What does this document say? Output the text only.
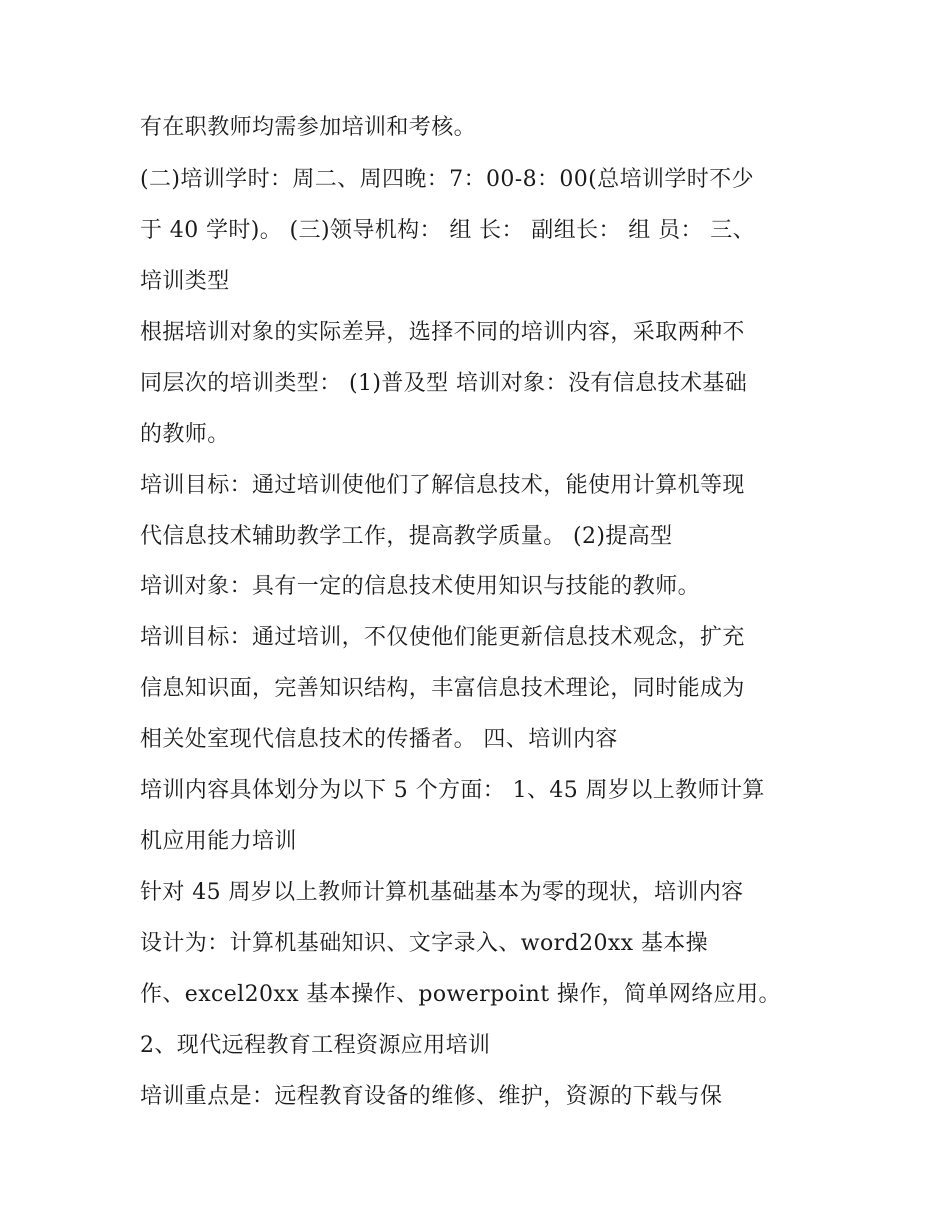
有在职教师均需参加培训和考核。
(二)培训学时：周二、周四晚：7：00-8：00(总培训学时不少
于 40 学时)。 (三)领导机构： 组 长： 副组长： 组 员： 三、
培训类型
根据培训对象的实际差异，选择不同的培训内容，采取两种不
同层次的培训类型： (1)普及型 培训对象：没有信息技术基础
的教师。
培训目标：通过培训使他们了解信息技术，能使用计算机等现
代信息技术辅助教学工作，提高教学质量。 (2)提高型
培训对象：具有一定的信息技术使用知识与技能的教师。
培训目标：通过培训，不仅使他们能更新信息技术观念，扩充
信息知识面，完善知识结构，丰富信息技术理论，同时能成为
相关处室现代信息技术的传播者。 四、培训内容
培训内容具体划分为以下 5 个方面： 1、45 周岁以上教师计算
机应用能力培训
针对 45 周岁以上教师计算机基础基本为零的现状，培训内容
设计为：计算机基础知识、文字录入、word20xx 基本操
作、excel20xx 基本操作、powerpoint 操作，简单网络应用。
2、现代远程教育工程资源应用培训
培训重点是：远程教育设备的维修、维护，资源的下载与保
